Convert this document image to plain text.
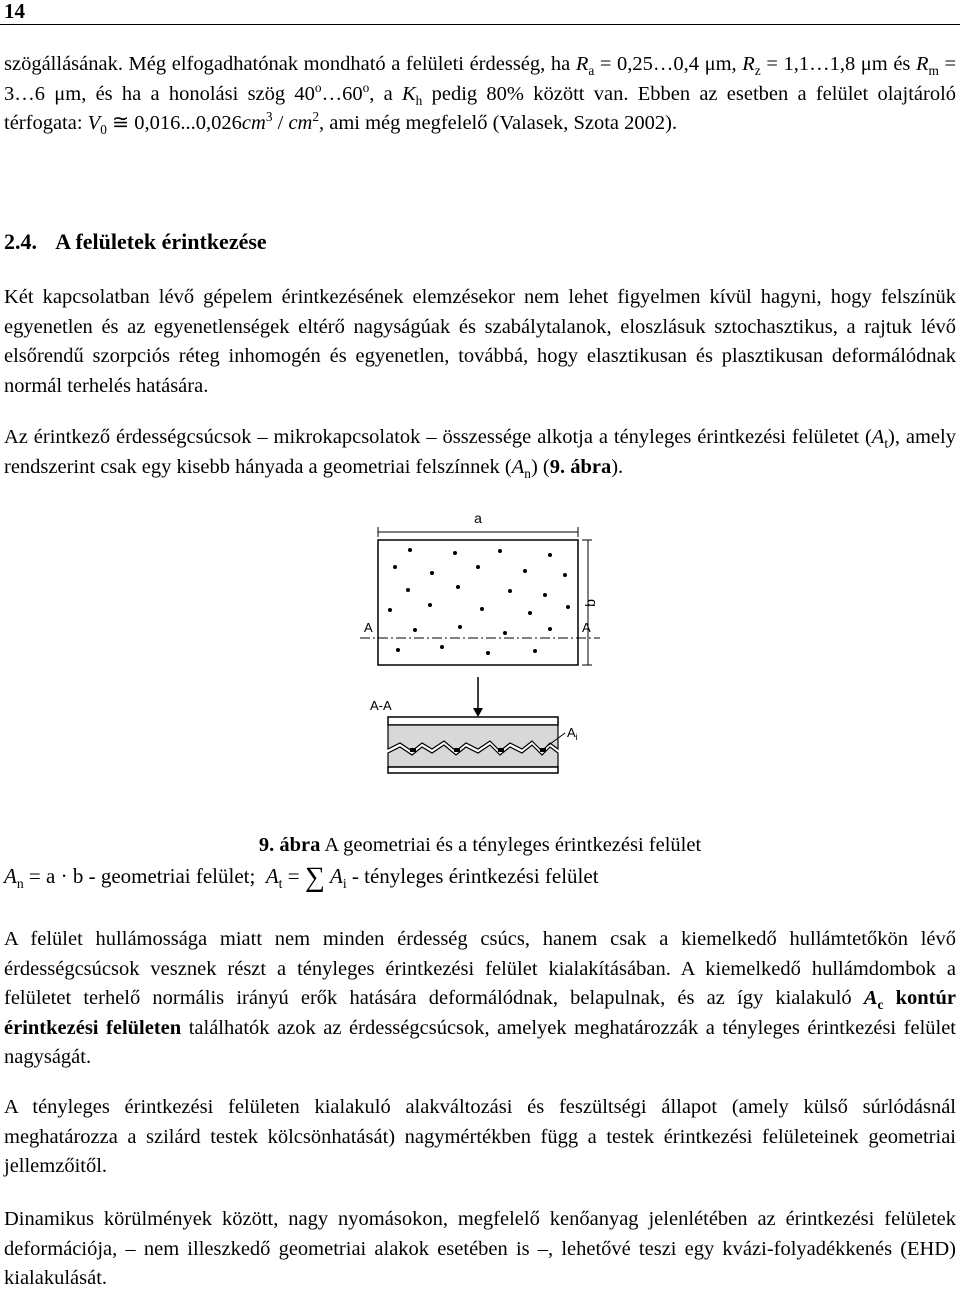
14

szögállásának. Még elfogadhatónak mondható a felületi érdesség, ha $R_a$ = 0,25…0,4 μm, $R_z$ = 1,1…1,8 μm és $R_m$ = 3…6 μm, és ha a honolási szög 40$^o$…60$^o$, a $K_h$ pedig 80% között van. Ebben az esetben a felület olajtároló térfogata: $V_0$ ≅ $0,016...0,026cm^3 / cm^2$, ami még megfelelő (Valasek, Szota 2002).

2.4. A felületek érintkezése

Két kapcsolatban lévő gépelem érintkezésének elemzésekor nem lehet figyelmen kívül hagyni, hogy felszínük egyenetlen és az egyenetlenségek eltérő nagyságúak és szabálytalanok, eloszlásuk sztochasztikus, a rajtuk lévő elsőrendű szorpciós réteg inhomogén és egyenetlen, továbbá, hogy elasztikusan és plasztikusan deformálódnak normál terhelés hatására.

Az érintkező érdességcsúcsok – mikrokapcsolatok – összessége alkotja a tényleges érintkezési felületet $(A_t)$, amely rendszerint csak egy kisebb hányada a geometriai felszínnek $(A_n)$ (9. ábra).

a
b
A	A
A-A
$A_i$
9. ábra A geometriai és a tényleges érintkezési felület
$A_n = a \cdot b$ - geometriai felület; $A_t$ = ∑ $A_i$ - tényleges érintkezési felület

A felület hullámossága miatt nem minden érdesség csúcs, hanem csak a kiemelkedő hullámtetőkön lévő érdességcsúcsok vesznek részt a tényleges érintkezési felület kialakításában. A kiemelkedő hullámdombok a felületet terhelő normális irányú erők hatására deformálódnak, belapulnak, és az így kialakuló $A_c$ kontúr érintkezési felületen találhatók azok az érdességcsúcsok, amelyek meghatározzák a tényleges érintkezési felület nagyságát.

A tényleges érintkezési felületen kialakuló alakváltozási és feszültségi állapot (amely külső súrlódásnál meghatározza a szilárd testek kölcsönhatását) nagymértékben függ a testek érintkezési felületeinek geometriai jellemzőitől.

Dinamikus körülmények között, nagy nyomásokon, megfelelő kenőanyag jelenlétében az érintkezési felületek deformációja, – nem illeszkedő geometriai alakok esetében is –, lehetővé teszi egy kvázi-folyadékkenés (EHD) kialakulását.
